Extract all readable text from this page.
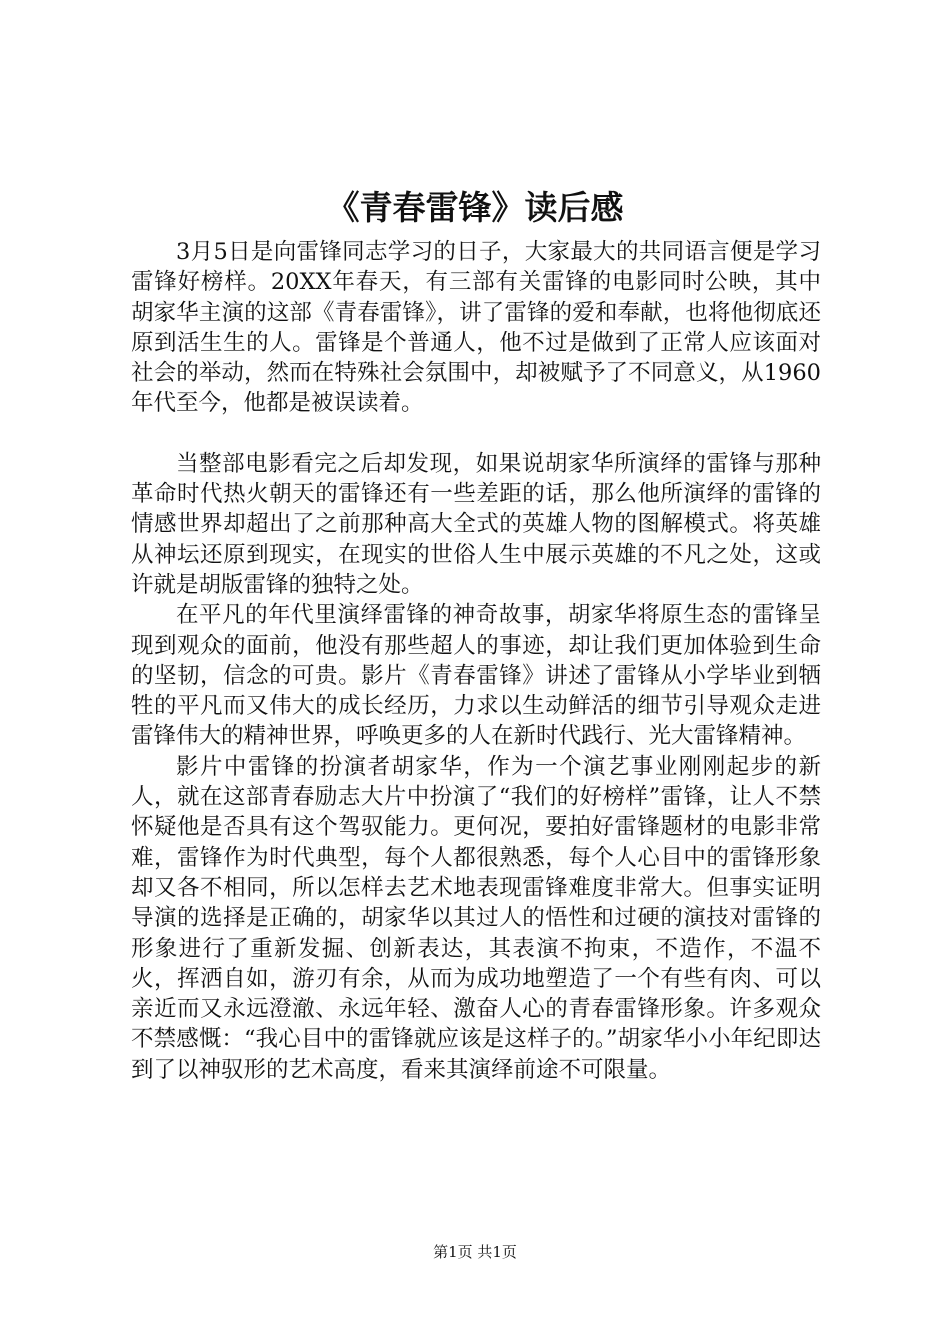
《青春雷锋》读后感

3月5日是向雷锋同志学习的日子，大家最大的共同语言便是学习雷锋好榜样。20XX年春天，有三部有关雷锋的电影同时公映，其中胡家华主演的这部《青春雷锋》，讲了雷锋的爱和奉献，也将他彻底还原到活生生的人。雷锋是个普通人，他不过是做到了正常人应该面对社会的举动，然而在特殊社会氛围中，却被赋予了不同意义，从1960年代至今，他都是被误读着。

当整部电影看完之后却发现，如果说胡家华所演绎的雷锋与那种革命时代热火朝天的雷锋还有一些差距的话，那么他所演绎的雷锋的情感世界却超出了之前那种高大全式的英雄人物的图解模式。将英雄从神坛还原到现实，在现实的世俗人生中展示英雄的不凡之处，这或许就是胡版雷锋的独特之处。

在平凡的年代里演绎雷锋的神奇故事，胡家华将原生态的雷锋呈现到观众的面前，他没有那些超人的事迹，却让我们更加体验到生命的坚韧，信念的可贵。影片《青春雷锋》讲述了雷锋从小学毕业到牺牲的平凡而又伟大的成长经历，力求以生动鲜活的细节引导观众走进雷锋伟大的精神世界，呼唤更多的人在新时代践行、光大雷锋精神。

影片中雷锋的扮演者胡家华，作为一个演艺事业刚刚起步的新人，就在这部青春励志大片中扮演了“我们的好榜样”雷锋，让人不禁怀疑他是否具有这个驾驭能力。更何况，要拍好雷锋题材的电影非常难，雷锋作为时代典型，每个人都很熟悉，每个人心目中的雷锋形象却又各不相同，所以怎样去艺术地表现雷锋难度非常大。但事实证明导演的选择是正确的，胡家华以其过人的悟性和过硬的演技对雷锋的形象进行了重新发掘、创新表达，其表演不拘束，不造作，不温不火，挥洒自如，游刃有余，从而为成功地塑造了一个有些有肉、可以亲近而又永远澄澈、永远年轻、激奋人心的青春雷锋形象。许多观众不禁感慨：“我心目中的雷锋就应该是这样子的。”胡家华小小年纪即达到了以神驭形的艺术高度，看来其演绎前途不可限量。

第1页 共1页
